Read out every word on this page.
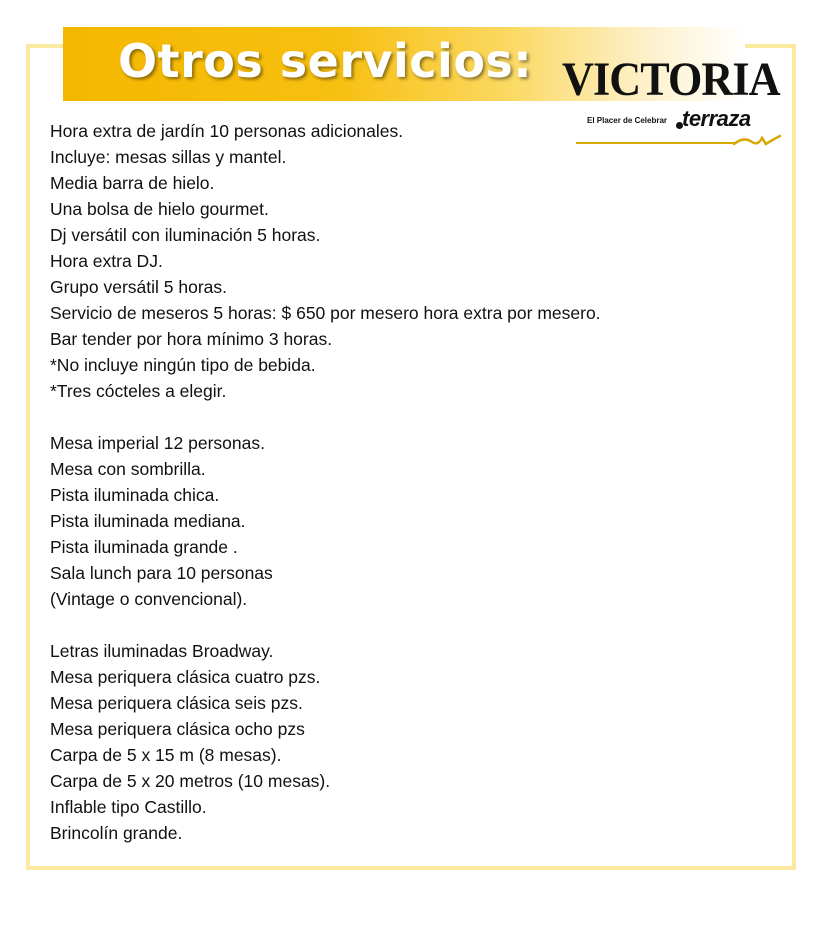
Otros servicios: VICTORIA
El Placer de Celebrar terraza
Hora extra de jardín 10 personas adicionales.
Incluye: mesas sillas y mantel.
Media barra de hielo.
Una bolsa de hielo gourmet.
Dj versátil con iluminación 5 horas.
Hora extra DJ.
Grupo versátil 5 horas.
Servicio de meseros 5 horas: $ 650 por mesero hora extra por mesero.
Bar tender por hora mínimo 3 horas.
*No incluye ningún tipo de bebida.
*Tres cócteles a elegir.
Mesa imperial 12 personas.
Mesa con sombrilla.
Pista iluminada chica.
Pista iluminada mediana.
Pista iluminada grande .
Sala lunch para 10 personas
(Vintage o convencional).
Letras iluminadas Broadway.
Mesa periquera clásica cuatro pzs.
Mesa periquera clásica seis pzs.
Mesa periquera clásica ocho pzs
Carpa de 5 x 15 m (8 mesas).
Carpa de 5 x 20 metros (10 mesas).
Inflable tipo Castillo.
Brincolín grande.
